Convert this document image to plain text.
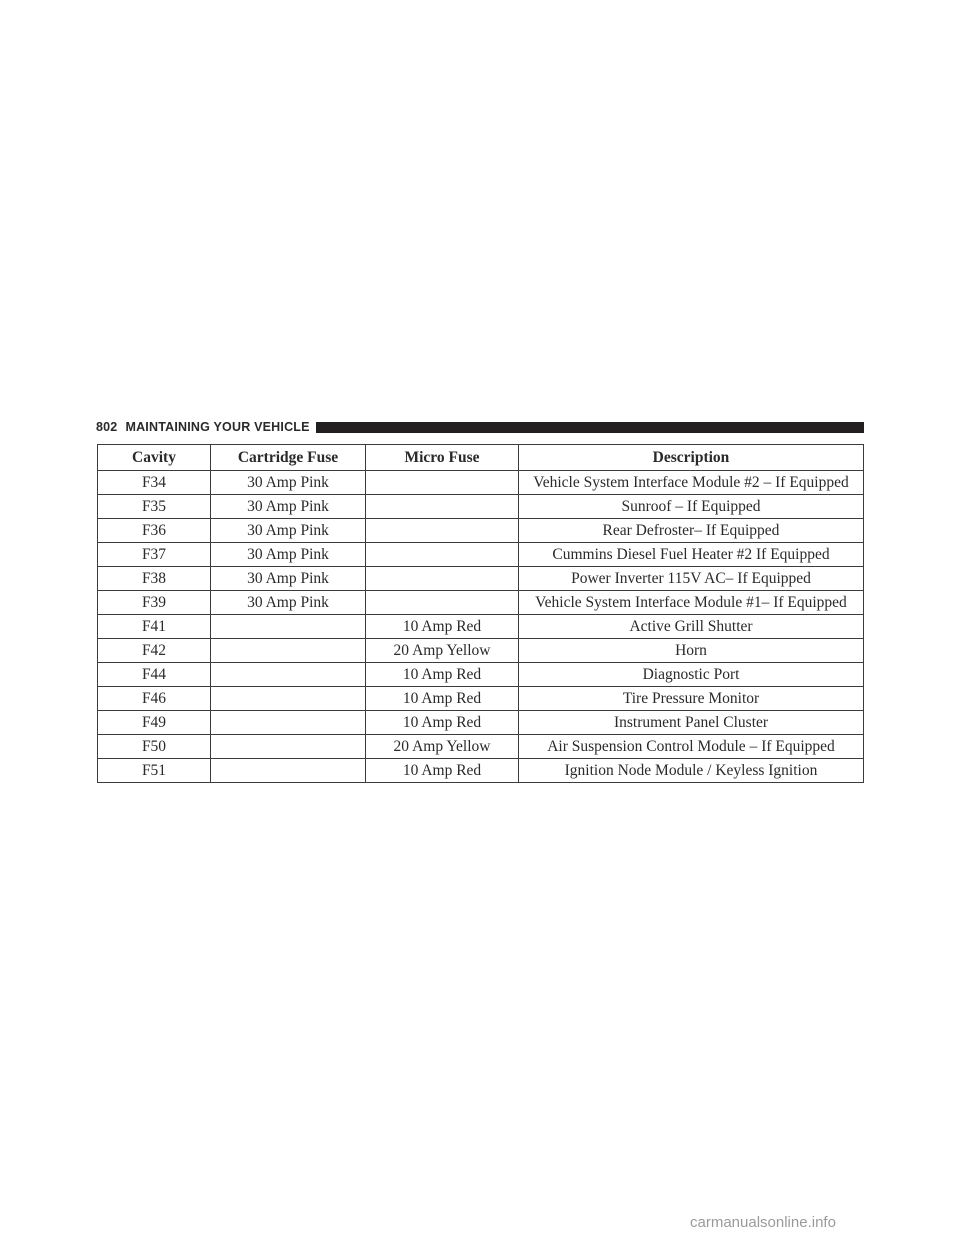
802 MAINTAINING YOUR VEHICLE
Cavity	Cartridge Fuse	Micro Fuse	Description
F34	30 Amp Pink		Vehicle System Interface Module #2 – If Equipped
F35	30 Amp Pink		Sunroof – If Equipped
F36	30 Amp Pink		Rear Defroster– If Equipped
F37	30 Amp Pink		Cummins Diesel Fuel Heater #2 If Equipped
F38	30 Amp Pink		Power Inverter 115V AC– If Equipped
F39	30 Amp Pink		Vehicle System Interface Module #1– If Equipped
F41		10 Amp Red	Active Grill Shutter
F42		20 Amp Yellow	Horn
F44		10 Amp Red	Diagnostic Port
F46		10 Amp Red	Tire Pressure Monitor
F49		10 Amp Red	Instrument Panel Cluster
F50		20 Amp Yellow	Air Suspension Control Module – If Equipped
F51		10 Amp Red	Ignition Node Module / Keyless Ignition
carmanualsonline.info
